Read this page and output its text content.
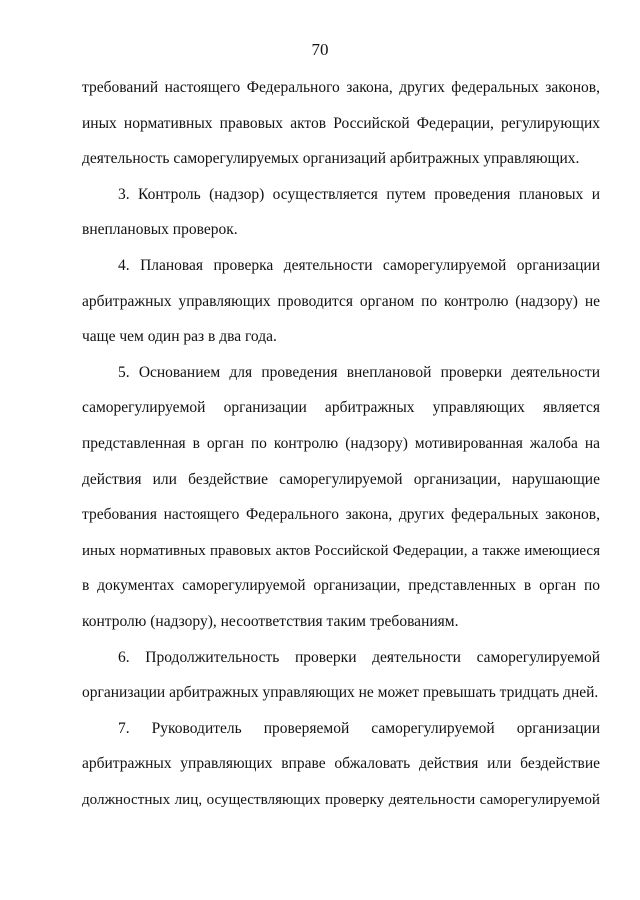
70
требований настоящего Федерального закона, других федеральных законов,
иных нормативных правовых актов Российской Федерации, регулирующих
деятельность саморегулируемых организаций арбитражных управляющих.
3. Контроль (надзор) осуществляется путем проведения плановых и
внеплановых проверок.
4. Плановая проверка деятельности саморегулируемой организации
арбитражных управляющих проводится органом по контролю (надзору) не
чаще чем один раз в два года.
5. Основанием для проведения внеплановой проверки деятельности
саморегулируемой организации арбитражных управляющих является
представленная в орган по контролю (надзору) мотивированная жалоба на
действия или бездействие саморегулируемой организации, нарушающие
требования настоящего Федерального закона, других федеральных законов,
иных нормативных правовых актов Российской Федерации, а также имеющиеся
в документах саморегулируемой организации, представленных в орган по
контролю (надзору), несоответствия таким требованиям.
6. Продолжительность проверки деятельности саморегулируемой
организации арбитражных управляющих не может превышать тридцать дней.
7. Руководитель проверяемой саморегулируемой организации
арбитражных управляющих вправе обжаловать действия или бездействие
должностных лиц, осуществляющих проверку деятельности саморегулируемой
